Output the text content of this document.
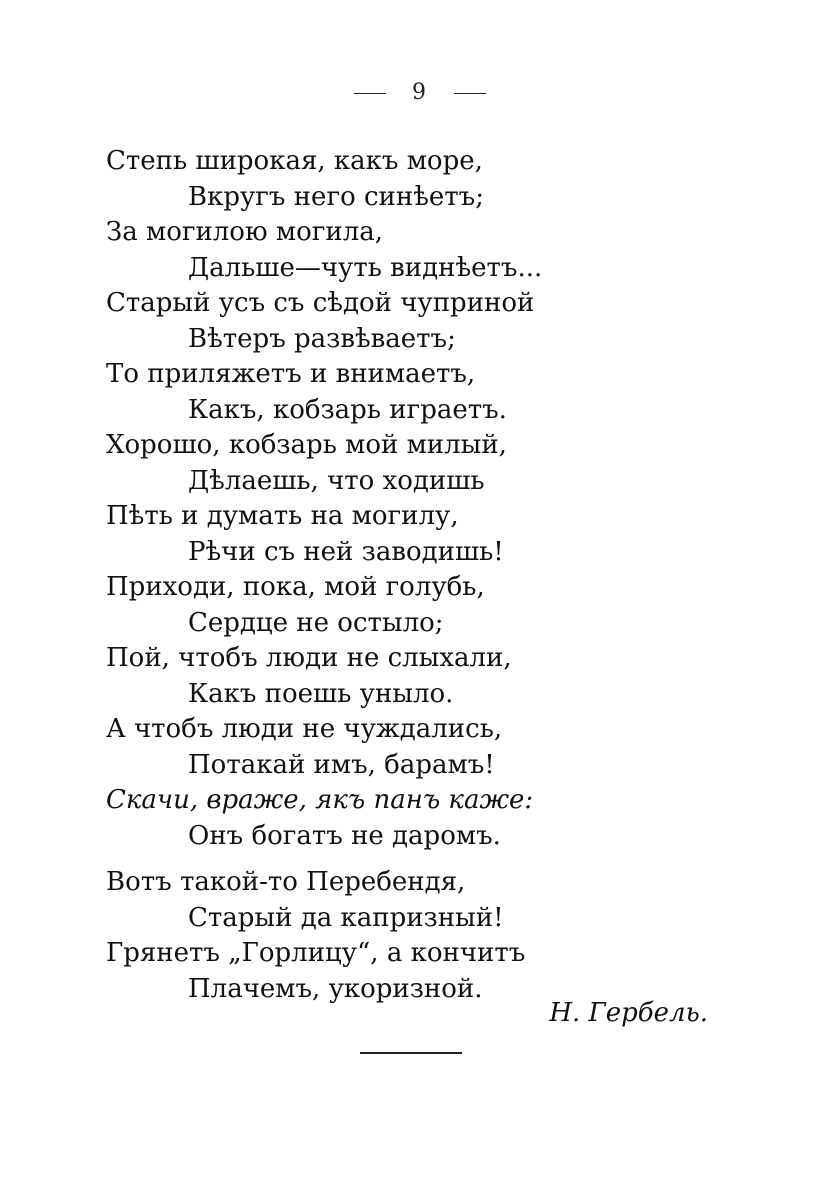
9
Степь широкая, какъ море,
Вкругъ него синѣетъ;
За могилою могила,
Дальше—чуть виднѣетъ...
Старый усъ съ сѣдой чуприной
Вѣтеръ развѣваетъ;
То приляжетъ и внимаетъ,
Какъ, кобзарь играетъ.
Хорошо, кобзарь мой милый,
Дѣлаешь, что ходишь
Пѣть и думать на могилу,
Рѣчи съ ней заводишь!
Приходи, пока, мой голубь,
Сердце не остыло;
Пой, чтобъ люди не слыхали,
Какъ поешь уныло.
А чтобъ люди не чуждались,
Потакай имъ, барамъ!
Скачи, враже, якъ панъ каже:
Онъ богатъ не даромъ.
Вотъ такой-то Перебендя,
Старый да капризный!
Грянетъ „Горлицу“, а кончитъ
Плачемъ, укоризной.
Н. Гербель.
